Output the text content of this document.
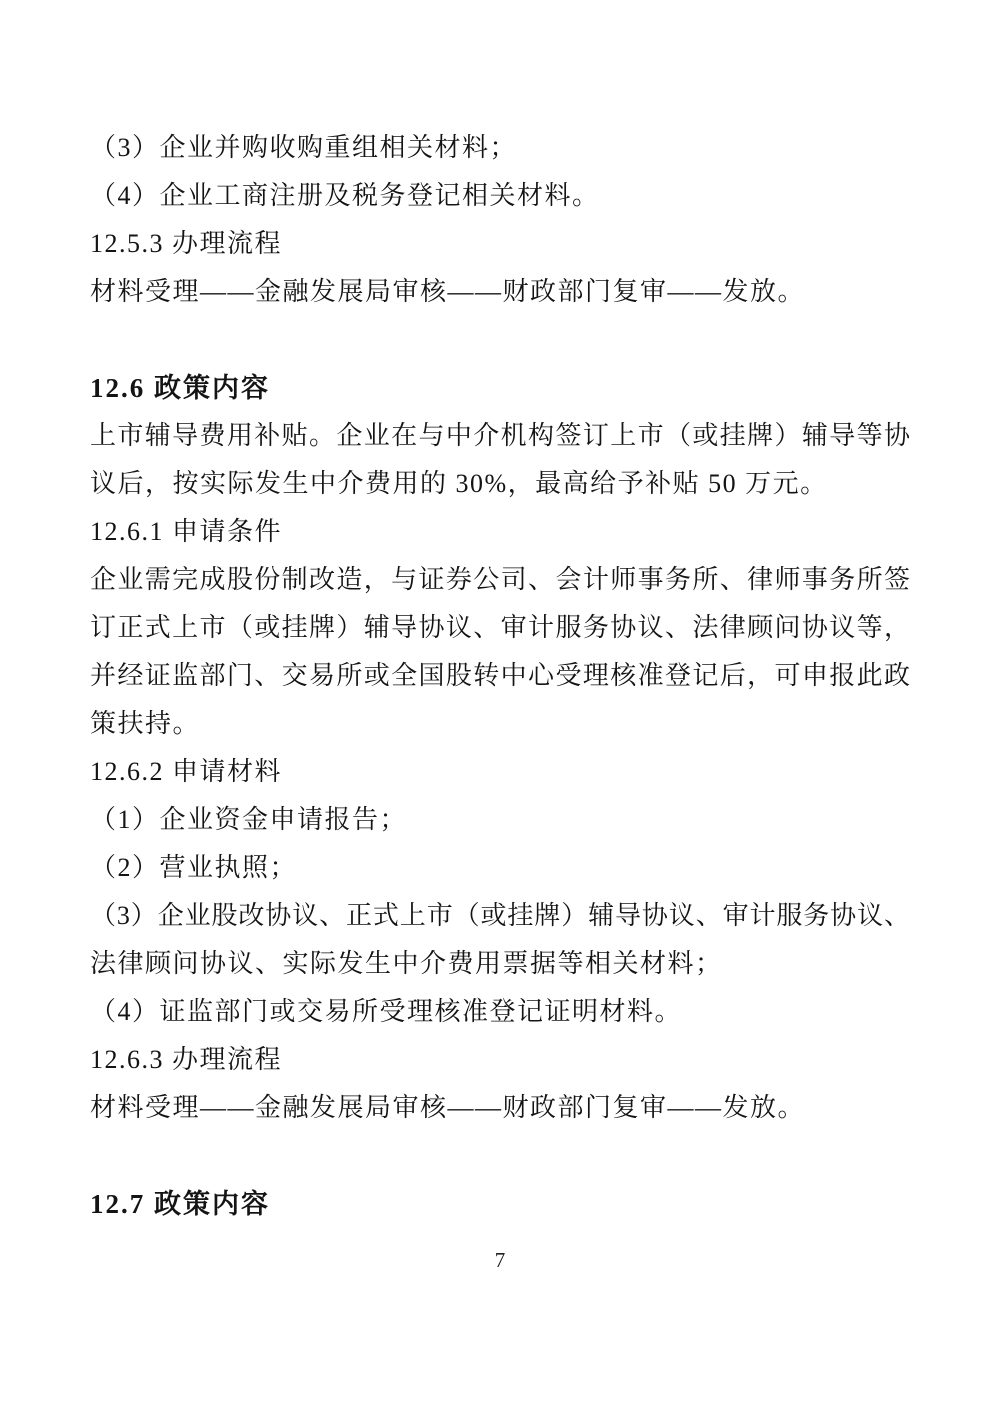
（3）企业并购收购重组相关材料；
（4）企业工商注册及税务登记相关材料。
12.5.3 办理流程
材料受理——金融发展局审核——财政部门复审——发放。
12.6 政策内容
上市辅导费用补贴。企业在与中介机构签订上市（或挂牌）辅导等协
议后，按实际发生中介费用的 30%，最高给予补贴 50 万元。
12.6.1 申请条件
企业需完成股份制改造，与证券公司、会计师事务所、律师事务所签
订正式上市（或挂牌）辅导协议、审计服务协议、法律顾问协议等，
并经证监部门、交易所或全国股转中心受理核准登记后，可申报此政
策扶持。
12.6.2 申请材料
（1）企业资金申请报告；
（2）营业执照；
（3）企业股改协议、正式上市（或挂牌）辅导协议、审计服务协议、
法律顾问协议、实际发生中介费用票据等相关材料；
（4）证监部门或交易所受理核准登记证明材料。
12.6.3 办理流程
材料受理——金融发展局审核——财政部门复审——发放。
12.7 政策内容
7
